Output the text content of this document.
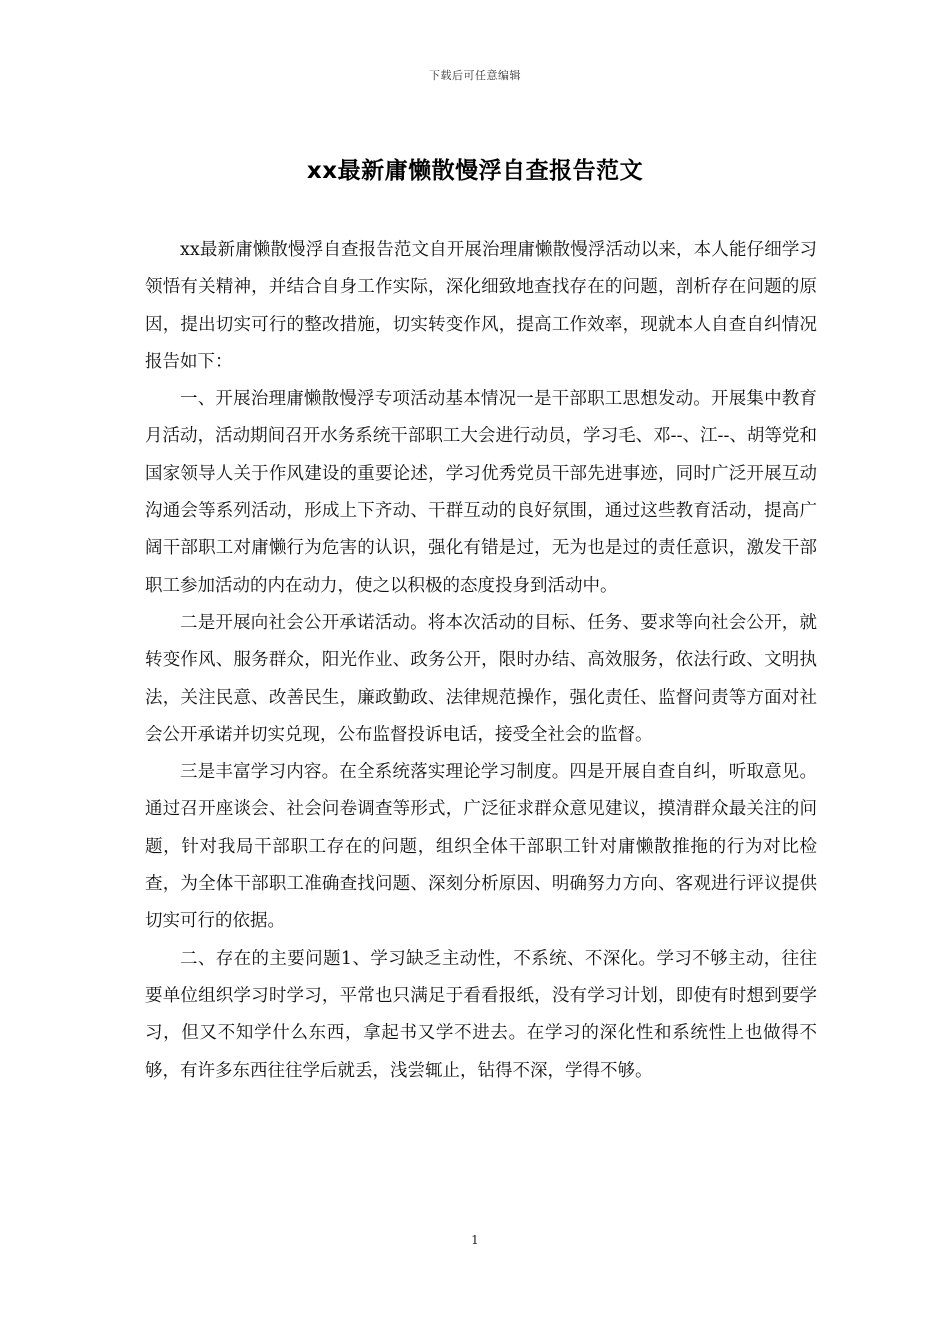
下载后可任意编辑
xx最新庸懒散慢浮自查报告范文

xx最新庸懒散慢浮自查报告范文自开展治理庸懒散慢浮活动以来，本人能仔细学习领悟有关精神，并结合自身工作实际，深化细致地查找存在的问题，剖析存在问题的原因，提出切实可行的整改措施，切实转变作风，提高工作效率，现就本人自查自纠情况报告如下：

一、开展治理庸懒散慢浮专项活动基本情况一是干部职工思想发动。开展集中教育月活动，活动期间召开水务系统干部职工大会进行动员，学习毛、邓--、江--、胡等党和国家领导人关于作风建设的重要论述，学习优秀党员干部先进事迹，同时广泛开展互动沟通会等系列活动，形成上下齐动、干群互动的良好氛围，通过这些教育活动，提高广阔干部职工对庸懒行为危害的认识，强化有错是过，无为也是过的责任意识，激发干部职工参加活动的内在动力，使之以积极的态度投身到活动中。

二是开展向社会公开承诺活动。将本次活动的目标、任务、要求等向社会公开，就转变作风、服务群众，阳光作业、政务公开，限时办结、高效服务，依法行政、文明执法，关注民意、改善民生，廉政勤政、法律规范操作，强化责任、监督问责等方面对社会公开承诺并切实兑现，公布监督投诉电话，接受全社会的监督。

三是丰富学习内容。在全系统落实理论学习制度。四是开展自查自纠，听取意见。通过召开座谈会、社会问卷调查等形式，广泛征求群众意见建议，摸清群众最关注的问题，针对我局干部职工存在的问题，组织全体干部职工针对庸懒散推拖的行为对比检查，为全体干部职工准确查找问题、深刻分析原因、明确努力方向、客观进行评议提供切实可行的依据。

二、存在的主要问题1、学习缺乏主动性，不系统、不深化。学习不够主动，往往要单位组织学习时学习，平常也只满足于看看报纸，没有学习计划，即使有时想到要学习，但又不知学什么东西，拿起书又学不进去。在学习的深化性和系统性上也做得不够，有许多东西往往学后就丢，浅尝辄止，钻得不深，学得不够。

1
